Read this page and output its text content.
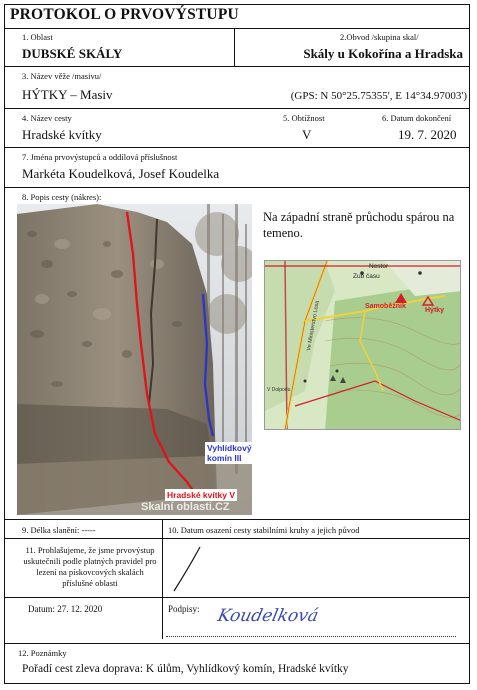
PROTOKOL O PRVOVÝSTUPU
1. Oblast
DUBSKÉ SKÁLY
2.Obvod /skupina skal/
Skály u Kokořína a Hradska
3. Název věže /masivu/
HÝTKY – Masiv	(GPS: N 50°25.75355', E 14°34.97003')
4. Název cesty
Hradské kvítky
5. Obtížnost
V
6. Datum dokončení
19. 7. 2020
7. Jména prvovýstupců a oddílová příslušnost
Markéta Koudelková, Josef Koudelka
8. Popis cesty (nákres):
Na západní straně průchodu spárou na temeno.
Vyhlídkový
komín III
Hradské kvítky V
Skalní oblasti.CZ
Ve Ministerstvo Lesa
Nestor
Zub času
Samoběžník
Hýtky
V Dolpodu
9. Délka slanění: -----	10. Datum osazení cesty stabilními kruhy a jejich původ
11. Prohlašujeme, že jsme prvovýstup uskutečnili podle platných pravidel pro lezení na pískovcových skalách příslušné oblasti
Datum: 27. 12. 2020	Podpisy: Koudelková
12. Poznámky
Pořadí cest zleva doprava: K úlům, Vyhlídkový komín, Hradské kvítky
